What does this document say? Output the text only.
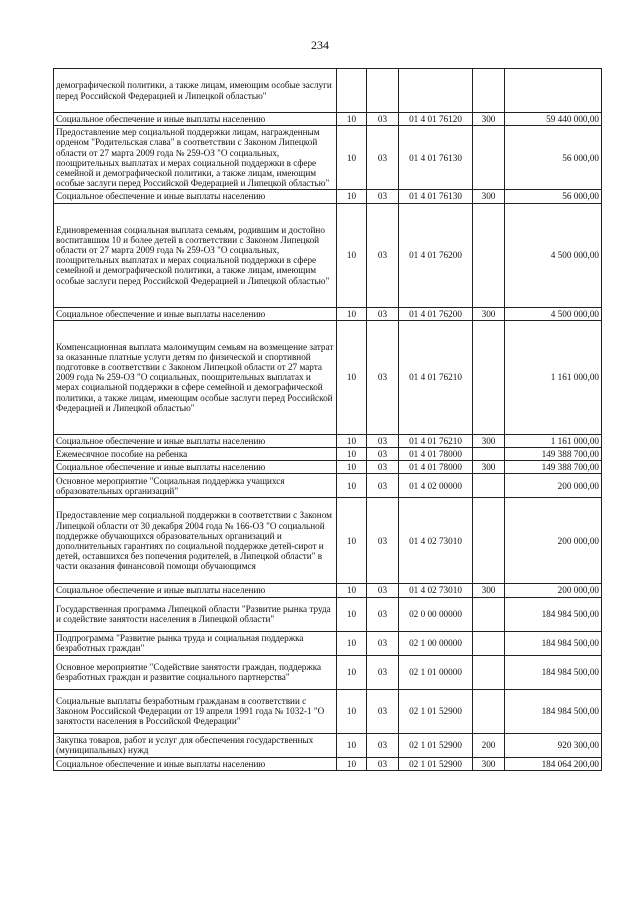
234
демографической политики, а также лицам, имеющим особые заслуги перед Российской Федерацией и Липецкой областью"					
Социальное обеспечение и иные выплаты населению	10	03	01 4 01 76120	300	59 440 000,00
Предоставление мер социальной поддержки лицам, награжденным орденом "Родительская слава" в соответствии с Законом Липецкой области от 27 марта 2009 года № 259-ОЗ "О социальных, поощрительных выплатах и мерах социальной поддержки в сфере семейной и демографической политики, а также лицам, имеющим особые заслуги перед Российской Федерацией и Липецкой областью"	10	03	01 4 01 76130		56 000,00
Социальное обеспечение и иные выплаты населению	10	03	01 4 01 76130	300	56 000,00
Единовременная социальная выплата семьям, родившим и достойно воспитавшим 10 и более детей в соответствии с Законом Липецкой области от 27 марта 2009 года № 259-ОЗ "О социальных, поощрительных выплатах и мерах социальной поддержки в сфере семейной и демографической политики, а также лицам, имеющим особые заслуги перед Российской Федерацией и Липецкой областью"	10	03	01 4 01 76200		4 500 000,00
Социальное обеспечение и иные выплаты населению	10	03	01 4 01 76200	300	4 500 000,00
Компенсационная выплата малоимущим семьям на возмещение затрат за оказанные платные услуги детям по физической и спортивной подготовке в соответствии с Законом Липецкой области от 27 марта 2009 года № 259-ОЗ "О социальных, поощрительных выплатах и мерах социальной поддержки в сфере семейной и демографической политики, а также лицам, имеющим особые заслуги перед Российской Федерацией и Липецкой областью"	10	03	01 4 01 76210		1 161 000,00
Социальное обеспечение и иные выплаты населению	10	03	01 4 01 76210	300	1 161 000,00
Ежемесячное пособие на ребенка	10	03	01 4 01 78000		149 388 700,00
Социальное обеспечение и иные выплаты населению	10	03	01 4 01 78000	300	149 388 700,00
Основное мероприятие "Социальная поддержка учащихся образовательных организаций"	10	03	01 4 02 00000		200 000,00
Предоставление мер социальной поддержки в соответствии с Законом Липецкой области от 30 декабря 2004 года № 166-ОЗ "О социальной поддержке обучающихся образовательных организаций и дополнительных гарантиях по социальной поддержке детей-сирот и детей, оставшихся без попечения родителей, в Липецкой области" в части оказания финансовой помощи обучающимся	10	03	01 4 02 73010		200 000,00
Социальное обеспечение и иные выплаты населению	10	03	01 4 02 73010	300	200 000,00
Государственная программа Липецкой области "Развитие рынка труда и содействие занятости населения в Липецкой области"	10	03	02 0 00 00000		184 984 500,00
Подпрограмма "Развитие рынка труда и социальная поддержка безработных граждан"	10	03	02 1 00 00000		184 984 500,00
Основное мероприятие "Содействие занятости граждан, поддержка безработных граждан и развитие социального партнерства"	10	03	02 1 01 00000		184 984 500,00
Социальные выплаты безработным гражданам в соответствии с Законом Российской Федерации от 19 апреля 1991 года № 1032-1 "О занятости населения в Российской Федерации"	10	03	02 1 01 52900		184 984 500,00
Закупка товаров, работ и услуг для обеспечения государственных (муниципальных) нужд	10	03	02 1 01 52900	200	920 300,00
Социальное обеспечение и иные выплаты населению	10	03	02 1 01 52900	300	184 064 200,00
